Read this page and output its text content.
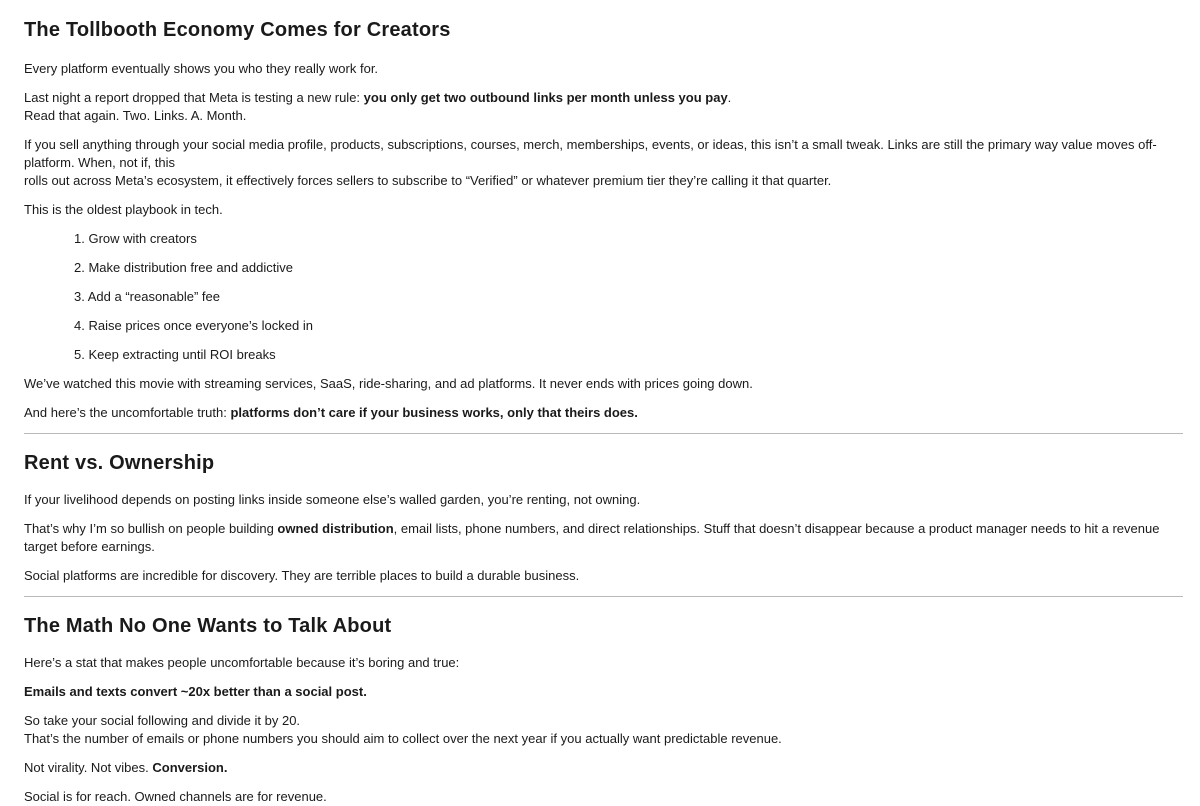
The Tollbooth Economy Comes for Creators

Every platform eventually shows you who they really work for.

Last night a report dropped that Meta is testing a new rule: you only get two outbound links per month unless you pay.
Read that again. Two. Links. A. Month.

If you sell anything through your social media profile, products, subscriptions, courses, merch, memberships, events, or ideas, this isn’t a small tweak. Links are still the primary way value moves off-platform. When, not if, this
rolls out across Meta’s ecosystem, it effectively forces sellers to subscribe to “Verified” or whatever premium tier they’re calling it that quarter.

This is the oldest playbook in tech.

1. Grow with creators
2. Make distribution free and addictive
3. Add a “reasonable” fee
4. Raise prices once everyone’s locked in
5. Keep extracting until ROI breaks

We’ve watched this movie with streaming services, SaaS, ride-sharing, and ad platforms. It never ends with prices going down.

And here’s the uncomfortable truth: platforms don’t care if your business works, only that theirs does.

Rent vs. Ownership

If your livelihood depends on posting links inside someone else’s walled garden, you’re renting, not owning.

That’s why I’m so bullish on people building owned distribution, email lists, phone numbers, and direct relationships. Stuff that doesn’t disappear because a product manager needs to hit a revenue target before earnings.

Social platforms are incredible for discovery. They are terrible places to build a durable business.

The Math No One Wants to Talk About

Here’s a stat that makes people uncomfortable because it’s boring and true:

Emails and texts convert ~20x better than a social post.

So take your social following and divide it by 20.
That’s the number of emails or phone numbers you should aim to collect over the next year if you actually want predictable revenue.

Not virality. Not vibes. Conversion.

Social is for reach. Owned channels are for revenue.
